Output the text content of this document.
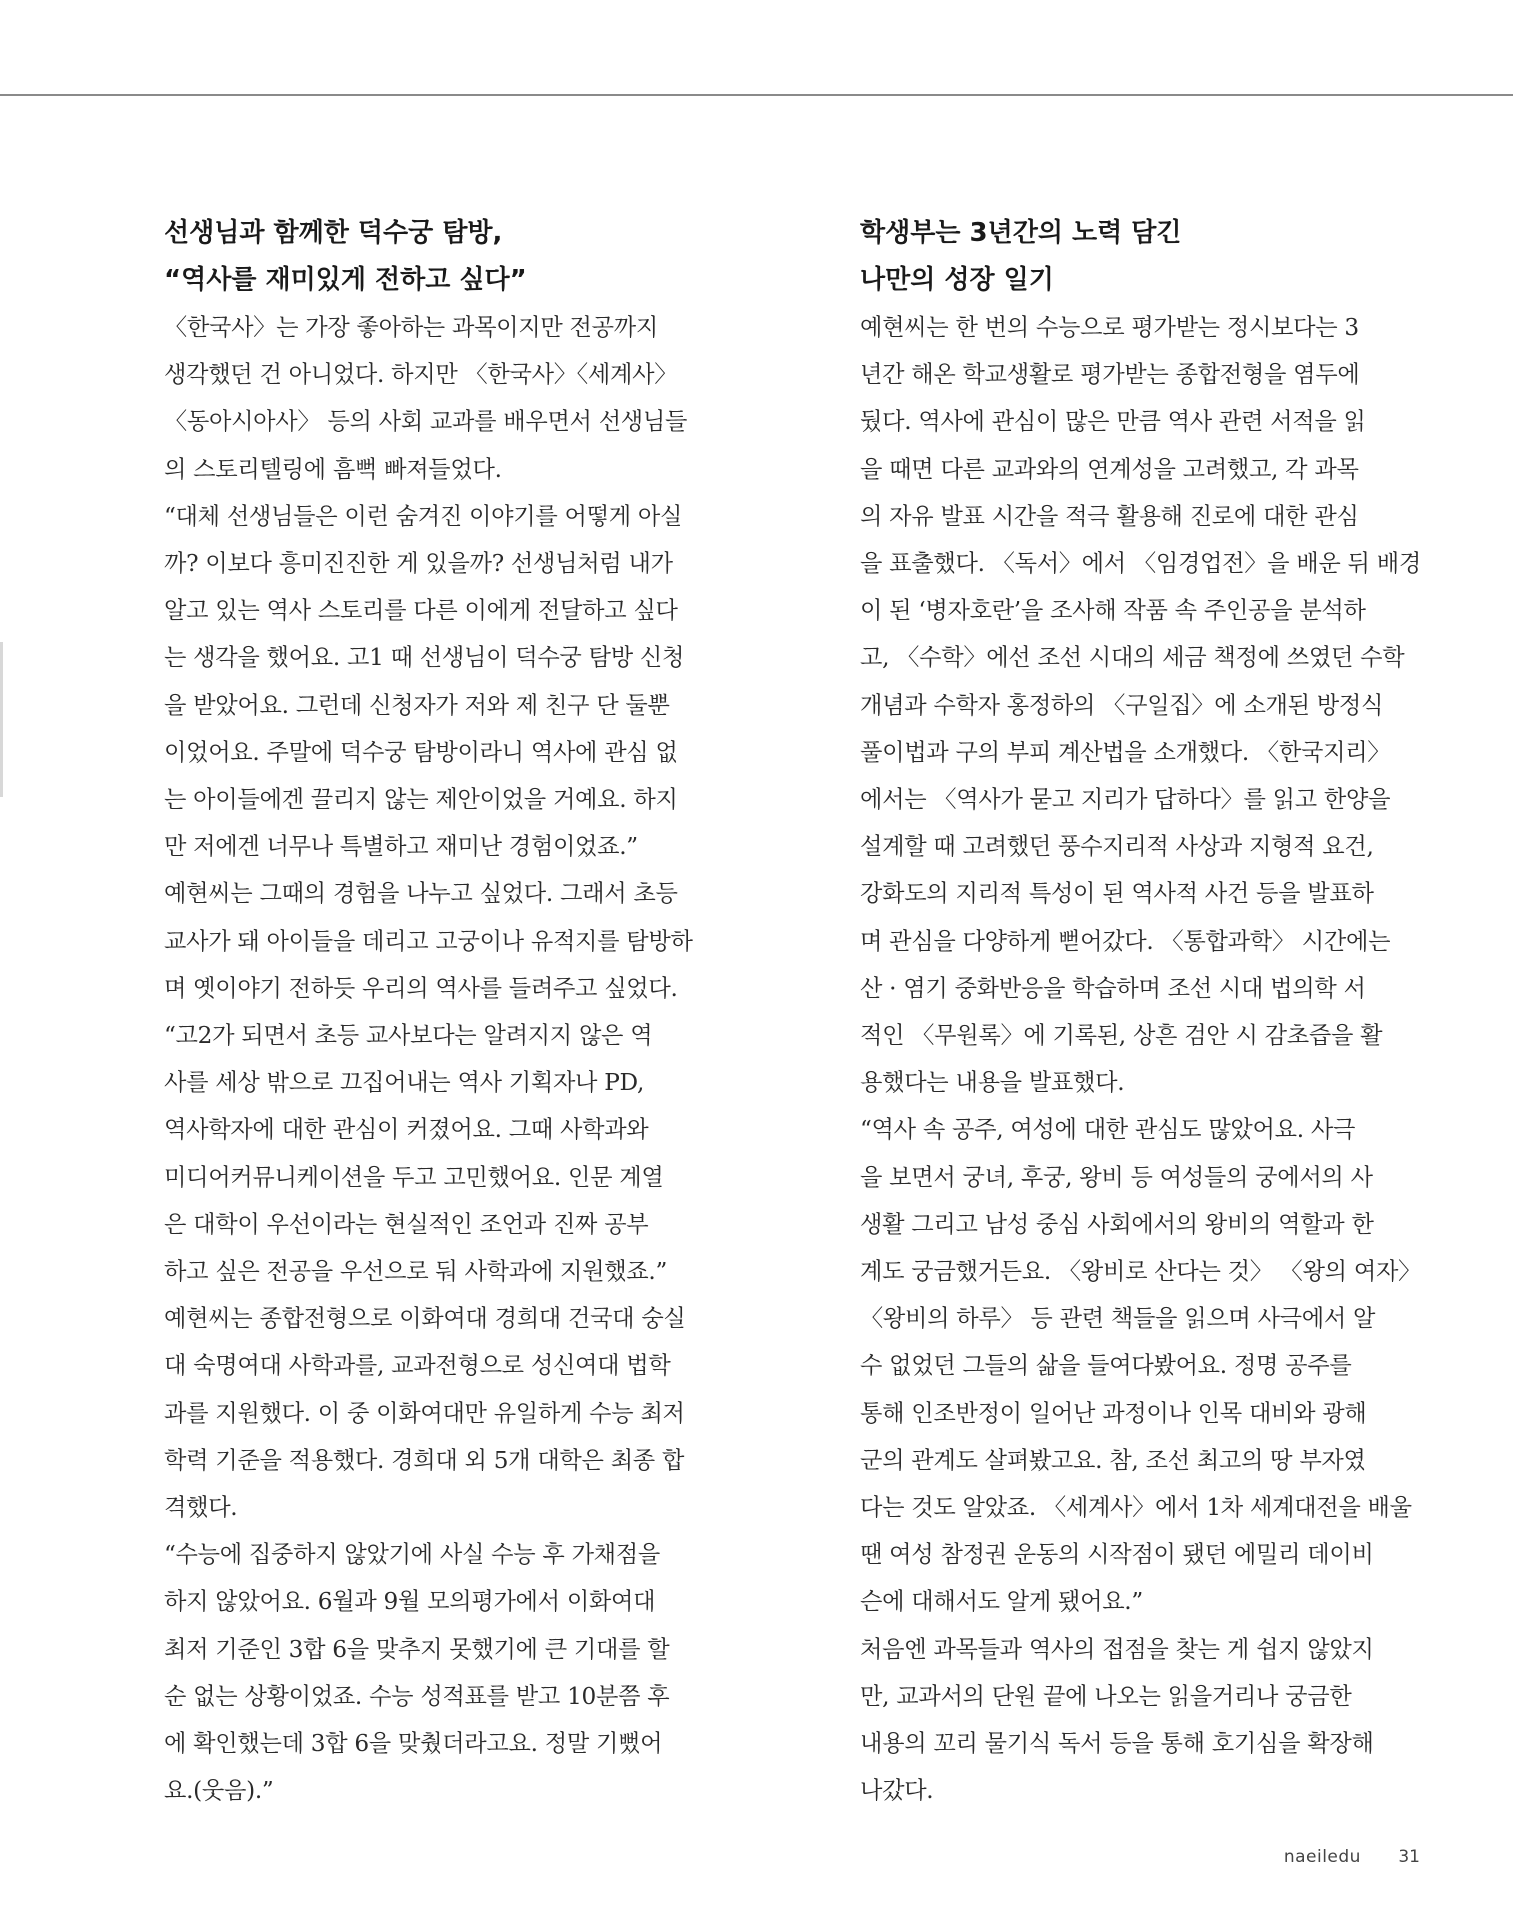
선생님과 함께한 덕수궁 탐방,
“역사를 재미있게 전하고 싶다”

〈한국사〉는 가장 좋아하는 과목이지만 전공까지
생각했던 건 아니었다. 하지만 〈한국사〉〈세계사〉
〈동아시아사〉 등의 사회 교과를 배우면서 선생님들
의 스토리텔링에 흠뻑 빠져들었다.

“대체 선생님들은 이런 숨겨진 이야기를 어떻게 아실
까? 이보다 흥미진진한 게 있을까? 선생님처럼 내가
알고 있는 역사 스토리를 다른 이에게 전달하고 싶다
는 생각을 했어요. 고1 때 선생님이 덕수궁 탐방 신청
을 받았어요. 그런데 신청자가 저와 제 친구 단 둘뿐
이었어요. 주말에 덕수궁 탐방이라니 역사에 관심 없
는 아이들에겐 끌리지 않는 제안이었을 거예요. 하지
만 저에겐 너무나 특별하고 재미난 경험이었죠.”

예현씨는 그때의 경험을 나누고 싶었다. 그래서 초등
교사가 돼 아이들을 데리고 고궁이나 유적지를 탐방하
며 옛이야기 전하듯 우리의 역사를 들려주고 싶었다.

“고2가 되면서 초등 교사보다는 알려지지 않은 역
사를 세상 밖으로 끄집어내는 역사 기획자나 PD,
역사학자에 대한 관심이 커졌어요. 그때 사학과와
미디어커뮤니케이션을 두고 고민했어요. 인문 계열
은 대학이 우선이라는 현실적인 조언과 진짜 공부
하고 싶은 전공을 우선으로 둬 사학과에 지원했죠.”

예현씨는 종합전형으로 이화여대 경희대 건국대 숭실
대 숙명여대 사학과를, 교과전형으로 성신여대 법학
과를 지원했다. 이 중 이화여대만 유일하게 수능 최저
학력 기준을 적용했다. 경희대 외 5개 대학은 최종 합
격했다.

“수능에 집중하지 않았기에 사실 수능 후 가채점을
하지 않았어요. 6월과 9월 모의평가에서 이화여대
최저 기준인 3합 6을 맞추지 못했기에 큰 기대를 할
순 없는 상황이었죠. 수능 성적표를 받고 10분쯤 후
에 확인했는데 3합 6을 맞췄더라고요. 정말 기뻤어
요.(웃음).”

학생부는 3년간의 노력 담긴
나만의 성장 일기

예현씨는 한 번의 수능으로 평가받는 정시보다는 3
년간 해온 학교생활로 평가받는 종합전형을 염두에
뒀다. 역사에 관심이 많은 만큼 역사 관련 서적을 읽
을 때면 다른 교과와의 연계성을 고려했고, 각 과목
의 자유 발표 시간을 적극 활용해 진로에 대한 관심
을 표출했다. 〈독서〉에서 〈임경업전〉을 배운 뒤 배경
이 된 ‘병자호란’을 조사해 작품 속 주인공을 분석하
고, 〈수학〉에선 조선 시대의 세금 책정에 쓰였던 수학
개념과 수학자 홍정하의 〈구일집〉에 소개된 방정식
풀이법과 구의 부피 계산법을 소개했다. 〈한국지리〉
에서는 〈역사가 묻고 지리가 답하다〉를 읽고 한양을
설계할 때 고려했던 풍수지리적 사상과 지형적 요건,
강화도의 지리적 특성이 된 역사적 사건 등을 발표하
며 관심을 다양하게 뻗어갔다. 〈통합과학〉 시간에는
산 · 염기 중화반응을 학습하며 조선 시대 법의학 서
적인 〈무원록〉에 기록된, 상흔 검안 시 감초즙을 활
용했다는 내용을 발표했다.

“역사 속 공주, 여성에 대한 관심도 많았어요. 사극
을 보면서 궁녀, 후궁, 왕비 등 여성들의 궁에서의 사
생활 그리고 남성 중심 사회에서의 왕비의 역할과 한
계도 궁금했거든요. 〈왕비로 산다는 것〉 〈왕의 여자〉
〈왕비의 하루〉 등 관련 책들을 읽으며 사극에서 알
수 없었던 그들의 삶을 들여다봤어요. 정명 공주를
통해 인조반정이 일어난 과정이나 인목 대비와 광해
군의 관계도 살펴봤고요. 참, 조선 최고의 땅 부자였
다는 것도 알았죠. 〈세계사〉에서 1차 세계대전을 배울
땐 여성 참정권 운동의 시작점이 됐던 에밀리 데이비
슨에 대해서도 알게 됐어요.”

처음엔 과목들과 역사의 접점을 찾는 게 쉽지 않았지
만, 교과서의 단원 끝에 나오는 읽을거리나 궁금한
내용의 꼬리 물기식 독서 등을 통해 호기심을 확장해
나갔다.

naeiledu 31
